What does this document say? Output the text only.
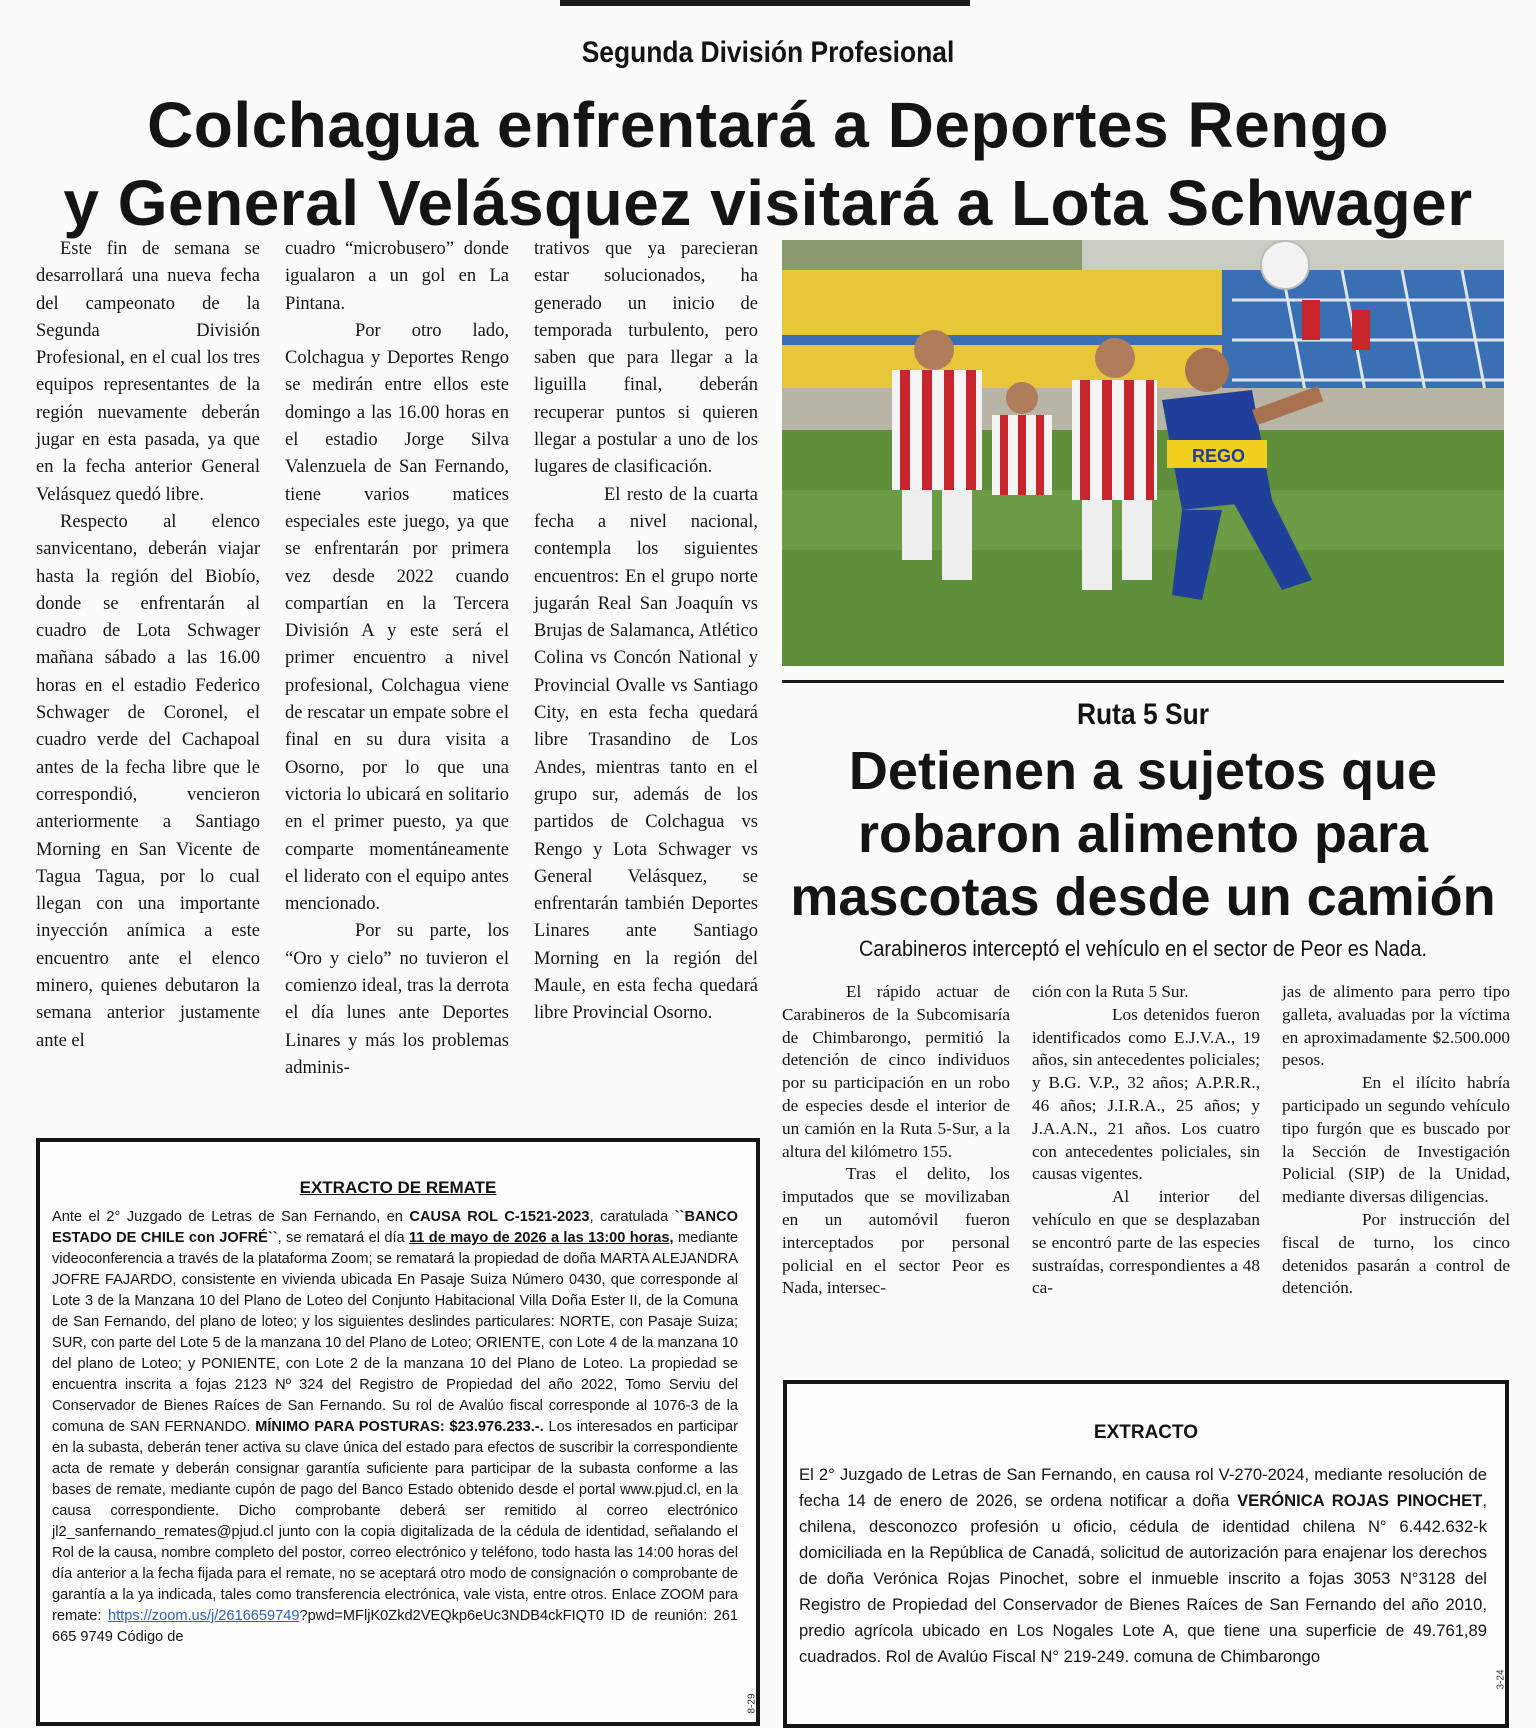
Segunda División Profesional
Colchagua enfrentará a Deportes Rengo
y General Velásquez visitará a Lota Schwager

Este fin de semana se desarrollará una nueva fecha del campeonato de la Segunda División Profesional, en el cual los tres equipos representantes de la región nuevamente deberán jugar en esta pasada, ya que en la fecha anterior General Velásquez quedó libre.

Respecto al elenco sanvicentano, deberán viajar hasta la región del Biobío, donde se enfrentarán al cuadro de Lota Schwager mañana sábado a las 16.00 horas en el estadio Federico Schwager de Coronel, el cuadro verde del Cachapoal antes de la fecha libre que le correspondió, vencieron anteriormente a Santiago Morning en San Vicente de Tagua Tagua, por lo cual llegan con una importante inyección anímica a este encuentro ante el elenco minero, quienes debutaron la semana anterior justamente ante el

cuadro “microbusero” donde igualaron a un gol en La Pintana.

Por otro lado, Colchagua y Deportes Rengo se medirán entre ellos este domingo a las 16.00 horas en el estadio Jorge Silva Valenzuela de San Fernando, tiene varios matices especiales este juego, ya que se enfrentarán por primera vez desde 2022 cuando compartían en la Tercera División A y este será el primer encuentro a nivel profesional, Colchagua viene de rescatar un empate sobre el final en su dura visita a Osorno, por lo que una victoria lo ubicará en solitario en el primer puesto, ya que comparte momentáneamente el liderato con el equipo antes mencionado.

Por su parte, los “Oro y cielo” no tuvieron el comienzo ideal, tras la derrota el día lunes ante Deportes Linares y más los problemas adminis-

trativos que ya parecieran estar solucionados, ha generado un inicio de temporada turbulento, pero saben que para llegar a la liguilla final, deberán recuperar puntos si quieren llegar a postular a uno de los lugares de clasificación.

El resto de la cuarta fecha a nivel nacional, contempla los siguientes encuentros: En el grupo norte jugarán Real San Joaquín vs Brujas de Salamanca, Atlético Colina vs Concón National y Provincial Ovalle vs Santiago City, en esta fecha quedará libre Trasandino de Los Andes, mientras tanto en el grupo sur, además de los partidos de Colchagua vs Rengo y Lota Schwager vs General Velásquez, se enfrentarán también Deportes Linares ante Santiago Morning en la región del Maule, en esta fecha quedará libre Provincial Osorno.

REGO
Ruta 5 Sur
Detienen a sujetos que
robaron alimento para
mascotas desde un camión
Carabineros interceptó el vehículo en el sector de Peor es Nada.

El rápido actuar de Carabineros de la Subcomisaría de Chimbarongo, permitió la detención de cinco individuos por su participación en un robo de especies desde el interior de un camión en la Ruta 5-Sur, a la altura del kilómetro 155.

Tras el delito, los imputados que se movilizaban en un automóvil fueron interceptados por personal policial en el sector Peor es Nada, intersec-

ción con la Ruta 5 Sur.

Los detenidos fueron identificados como E.J.V.A., 19 años, sin antecedentes policiales; y B.G. V.P., 32 años; A.P.R.R., 46 años; J.I.R.A., 25 años; y J.A.A.N., 21 años. Los cuatro con antecedentes policiales, sin causas vigentes.

Al interior del vehículo en que se desplazaban se encontró parte de las especies sustraídas, correspondientes a 48 ca-

jas de alimento para perro tipo galleta, avaluadas por la víctima en aproximadamente $2.500.000 pesos.

En el ilícito habría participado un segundo vehículo tipo furgón que es buscado por la Sección de Investigación Policial (SIP) de la Unidad, mediante diversas diligencias.

Por instrucción del fiscal de turno, los cinco detenidos pasarán a control de detención.

EXTRACTO DE REMATE
Ante el 2° Juzgado de Letras de San Fernando, en CAUSA ROL C-1521-2023, caratulada ``BANCO ESTADO DE CHILE con JOFRÉ``, se rematará el día 11 de mayo de 2026 a las 13:00 horas, mediante videoconferencia a través de la plataforma Zoom; se rematará la propiedad de doña MARTA ALEJANDRA JOFRE FAJARDO, consistente en vivienda ubicada En Pasaje Suiza Número 0430, que corresponde al Lote 3 de la Manzana 10 del Plano de Loteo del Conjunto Habitacional Villa Doña Ester II, de la Comuna de San Fernando, del plano de loteo; y los siguientes deslindes particulares: NORTE, con Pasaje Suiza; SUR, con parte del Lote 5 de la manzana 10 del Plano de Loteo; ORIENTE, con Lote 4 de la manzana 10 del plano de Loteo; y PONIENTE, con Lote 2 de la manzana 10 del Plano de Loteo. La propiedad se encuentra inscrita a fojas 2123 Nº 324 del Registro de Propiedad del año 2022, Tomo Serviu del Conservador de Bienes Raíces de San Fernando. Su rol de Avalúo fiscal corresponde al 1076-3 de la comuna de SAN FERNANDO. MÍNIMO PARA POSTURAS: $23.976.233.-. Los interesados en participar en la subasta, deberán tener activa su clave única del estado para efectos de suscribir la correspondiente acta de remate y deberán consignar garantía suficiente para participar de la subasta conforme a las bases de remate, mediante cupón de pago del Banco Estado obtenido desde el portal www.pjud.cl, en la causa correspondiente. Dicho comprobante deberá ser remitido al correo electrónico jl2_sanfernando_remates@pjud.cl junto con la copia digitalizada de la cédula de identidad, señalando el Rol de la causa, nombre completo del postor, correo electrónico y teléfono, todo hasta las 14:00 horas del día anterior a la fecha fijada para el remate, no se aceptará otro modo de consignación o comprobante de garantía a la ya indicada, tales como transferencia electrónica, vale vista, entre otros. Enlace ZOOM para remate: https://zoom.us/j/2616659749?pwd=MFljK0Zkd2VEQkp6eUc3NDB4ckFIQT0 ID de reunión: 261 665 9749 Código de
8-29
EXTRACTO
El 2° Juzgado de Letras de San Fernando, en causa rol V-270-2024, mediante resolución de fecha 14 de enero de 2026, se ordena notificar a doña VERÓNICA ROJAS PINOCHET, chilena, desconozco profesión u oficio, cédula de identidad chilena N° 6.442.632-k domiciliada en la República de Canadá, solicitud de autorización para enajenar los derechos de doña Verónica Rojas Pinochet, sobre el inmueble inscrito a fojas 3053 N°3128 del Registro de Propiedad del Conservador de Bienes Raíces de San Fernando del año 2010, predio agrícola ubicado en Los Nogales Lote A, que tiene una superficie de 49.761,89 cuadrados. Rol de Avalúo Fiscal N° 219-249. comuna de Chimbarongo
3-24
